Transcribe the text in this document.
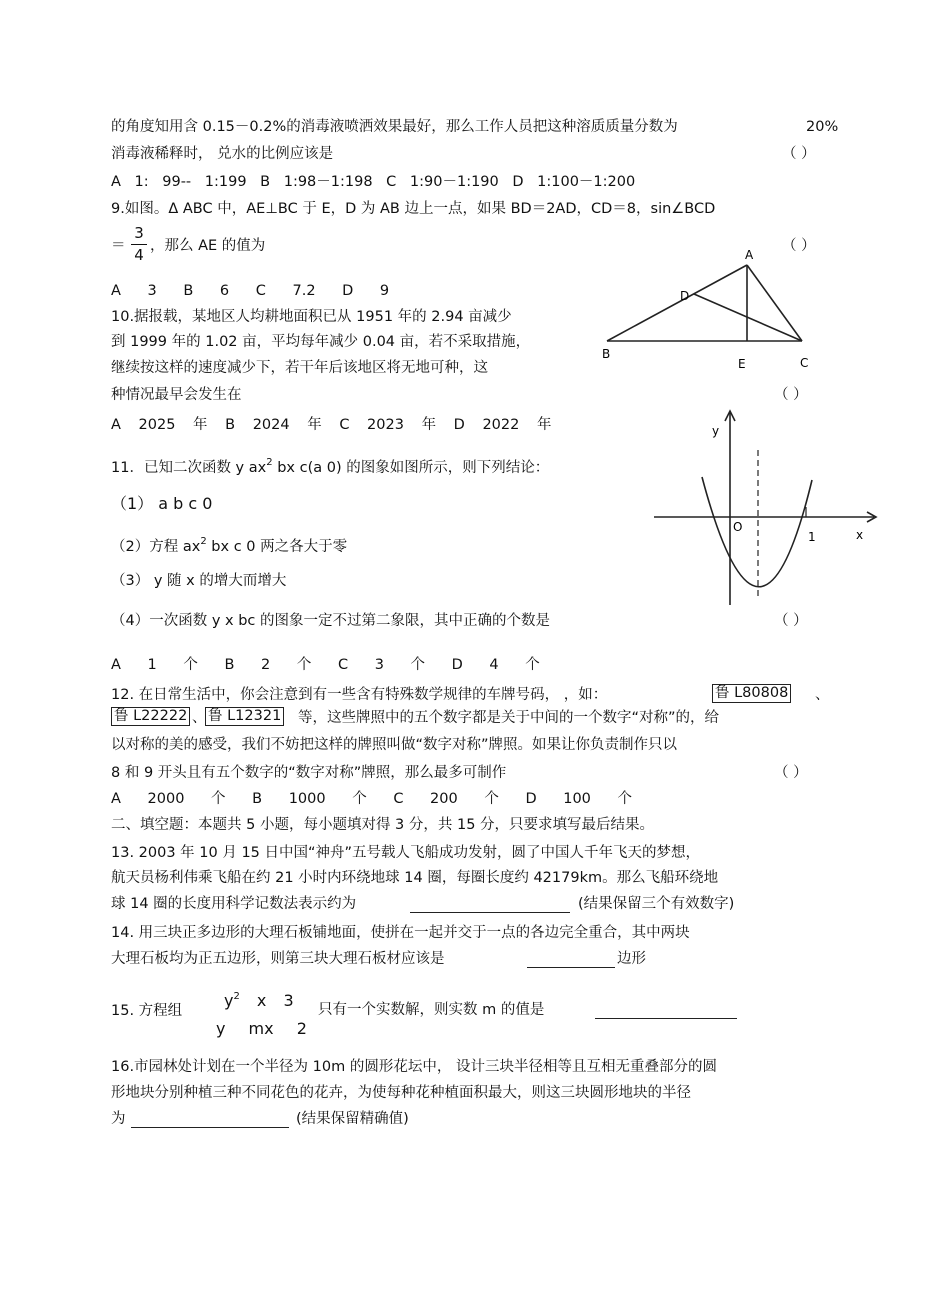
的角度知用含 0.15－0.2%的消毒液喷洒效果最好，那么工作人员把这种溶质质量分数为	20%
消毒液稀释时， 兑水的比例应该是	（ ）
A 1: 99-- 1:199 B 1:98－1:198 C 1:90－1:190 D 1:100－1:200
9.如图。Δ ABC 中，AE⊥BC 于 E，D 为 AB 边上一点，如果 BD＝2AD，CD＝8，sin∠BCD
＝
3
4 ，那么 AE 的值为	（ ）
A 3 B 6 C 7.2 D 9
A
D
B
E	C
10.据报载，某地区人均耕地面积已从 1951 年的 2.94 亩减少
到 1999 年的 1.02 亩，平均每年减少 0.04 亩，若不采取措施，
继续按这样的速度减少下，若干年后该地区将无地可种，这
种情况最早会发生在	（ ）
A 2025 年 B 2024 年 C 2023 年 D 2022 年
11．已知二次函数 y $ax^2$ bx c(a 0) 的图象如图所示，则下列结论：
（1） a b c 0
（2）方程 $ax^2$ bx c 0 两之各大于零
（3） y 随 x 的增大而增大
（4）一次函数 y x bc 的图象一定不过第二象限，其中正确的个数是	（ ）
A 1 个 B 2 个 C 3 个 D 4 个
y
x
O
1
12. 在日常生活中，你会注意到有一些含有特殊数学规律的车牌号码， ，如：	鲁 L80808 、
鲁 L22222 、 鲁 L12321 等，这些牌照中的五个数字都是关于中间的一个数字“对称”的，给
以对称的美的感受，我们不妨把这样的牌照叫做“数字对称”牌照。如果让你负责制作只以
8 和 9 开头且有五个数字的“数字对称”牌照，那么最多可制作	（ ）
A 2000 个 B 1000 个 C 200 个 D 100 个
二、填空题：本题共 5 小题，每小题填对得 3 分，共 15 分，只要求填写最后结果。
13. 2003 年 10 月 15 日中国“神舟”五号载人飞船成功发射，圆了中国人千年飞天的梦想，
航天员杨利伟乘飞船在约 21 小时内环绕地球 14 圈，每圈长度约 42179km。那么飞船环绕地
球 14 圈的长度用科学记数法表示约为	(结果保留三个有效数字)
14. 用三块正多边形的大理石板铺地面，使拼在一起并交于一点的各边完全重合，其中两块
大理石板均为正五边形，则第三块大理石板材应该是	边形
15. 方程组
$y^2$ x 3
y mx 2
只有一个实数解，则实数 m 的值是
16.市园林处计划在一个半径为 10m 的圆形花坛中， 设计三块半径相等且互相无重叠部分的圆
形地块分别种植三种不同花色的花卉，为使每种花种植面积最大，则这三块圆形地块的半径
为	(结果保留精确值)
